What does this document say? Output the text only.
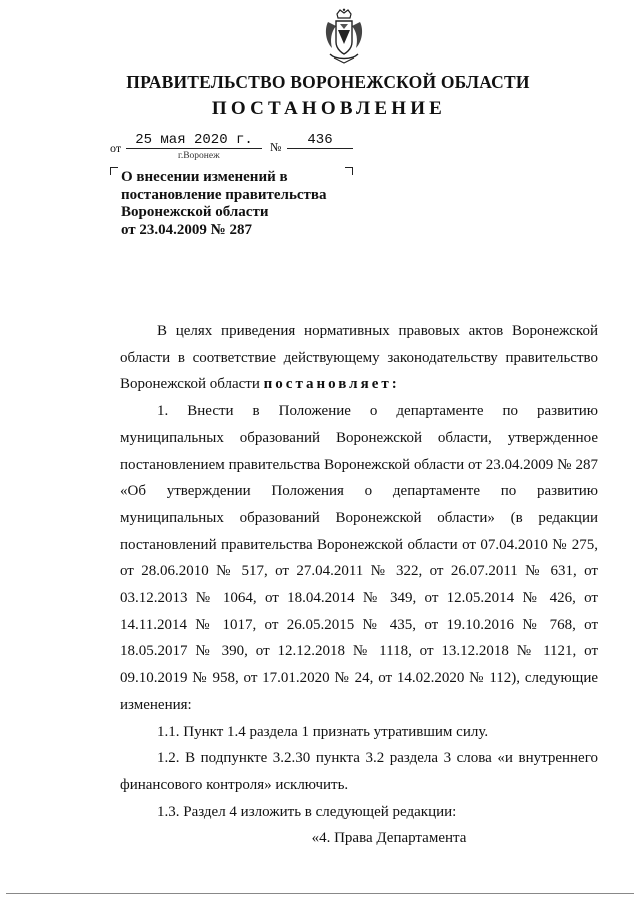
ПРАВИТЕЛЬСТВО ВОРОНЕЖСКОЙ ОБЛАСТИ
ПОСТАНОВЛЕНИЕ
от	25 мая 2020 г.	№	436
г.Воронеж
О внесении изменений в
постановление правительства
Воронежской области
от 23.04.2009 № 287

В целях приведения нормативных правовых актов Воронежской области в соответствие действующему законодательству правительство Воронежской области постановляет:

1. Внести в Положение о департаменте по развитию муниципальных образований Воронежской области, утвержденное постановлением правительства Воронежской области от 23.04.2009 № 287 «Об утверждении Положения о департаменте по развитию муниципальных образований Воронежской области» (в редакции постановлений правительства Воронежской области от 07.04.2010 № 275, от 28.06.2010 № 517, от 27.04.2011 № 322, от 26.07.2011 № 631, от 03.12.2013 № 1064, от 18.04.2014 № 349, от 12.05.2014 № 426, от 14.11.2014 № 1017, от 26.05.2015 № 435, от 19.10.2016 № 768, от 18.05.2017 № 390, от 12.12.2018 № 1118, от 13.12.2018 № 1121, от 09.10.2019 № 958, от 17.01.2020 № 24, от 14.02.2020 № 112), следующие изменения:

1.1. Пункт 1.4 раздела 1 признать утратившим силу.

1.2. В подпункте 3.2.30 пункта 3.2 раздела 3 слова «и внутреннего финансового контроля» исключить.

1.3. Раздел 4 изложить в следующей редакции:

«4. Права Департамента
